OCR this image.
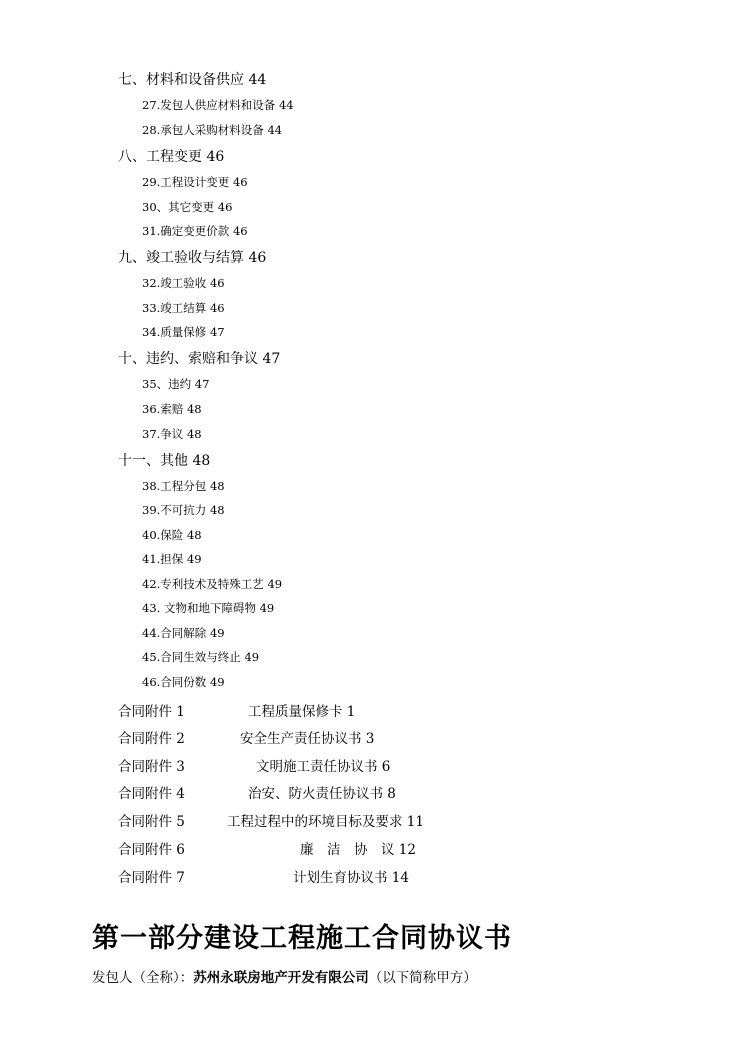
七、材料和设备供应 44
27.发包人供应材料和设备 44
28.承包人采购材料设备 44
八、工程变更 46
29.工程设计变更 46
30、其它变更 46
31.确定变更价款 46
九、竣工验收与结算 46
32.竣工验收 46
33.竣工结算 46
34.质量保修 47
十、违约、索赔和争议 47
35、违约 47
36.索赔 48
37.争议 48
十一、其他 48
38.工程分包 48
39.不可抗力 48
40.保险 48
41.担保 49
42.专利技术及特殊工艺 49
43. 文物和地下障碍物 49
44.合同解除 49
45.合同生效与终止 49
46.合同份数 49
合同附件 1	工程质量保修卡 1
合同附件 2	安全生产责任协议书 3
合同附件 3	文明施工责任协议书 6
合同附件 4	治安、防火责任协议书 8
合同附件 5	工程过程中的环境目标及要求 11
合同附件 6	廉　洁　协　议 12
合同附件 7	计划生育协议书 14
第一部分建设工程施工合同协议书
发包人（全称）：苏州永联房地产开发有限公司（以下简称甲方）
